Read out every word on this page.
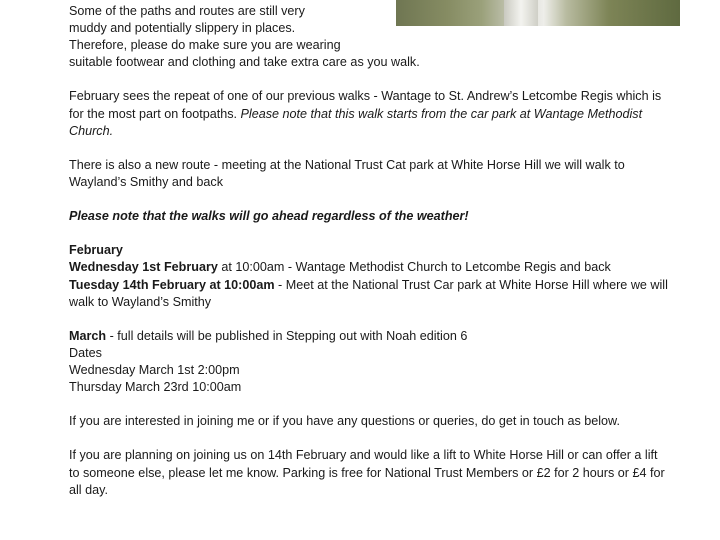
Some of the paths and routes are still very

muddy and potentially slippery in places.

Therefore, please do make sure you are wearing

suitable footwear and clothing and take extra care as you walk.

February sees the repeat of one of our previous walks - Wantage to St. Andrew’s Letcombe Regis which is for the most part on footpaths. Please note that this walk starts from the car park at Wantage Methodist Church.

There is also a new route - meeting at the National Trust Cat park at White Horse Hill we will walk to Wayland’s Smithy and back

Please note that the walks will go ahead regardless of the weather!

February

Wednesday 1st February at 10:00am - Wantage Methodist Church to Letcombe Regis and back

Tuesday 14th February at 10:00am - Meet at the National Trust Car park at White Horse Hill where we will walk to Wayland’s Smithy

March - full details will be published in Stepping out with Noah edition 6

Dates

Wednesday March 1st 2:00pm

Thursday March 23rd 10:00am

If you are interested in joining me or if you have any questions or queries, do get in touch as below.

If you are planning on joining us on 14th February and would like a lift to White Horse Hill or can offer a lift to someone else, please let me know. Parking is free for National Trust Members or £2 for 2 hours or £4 for all day.
